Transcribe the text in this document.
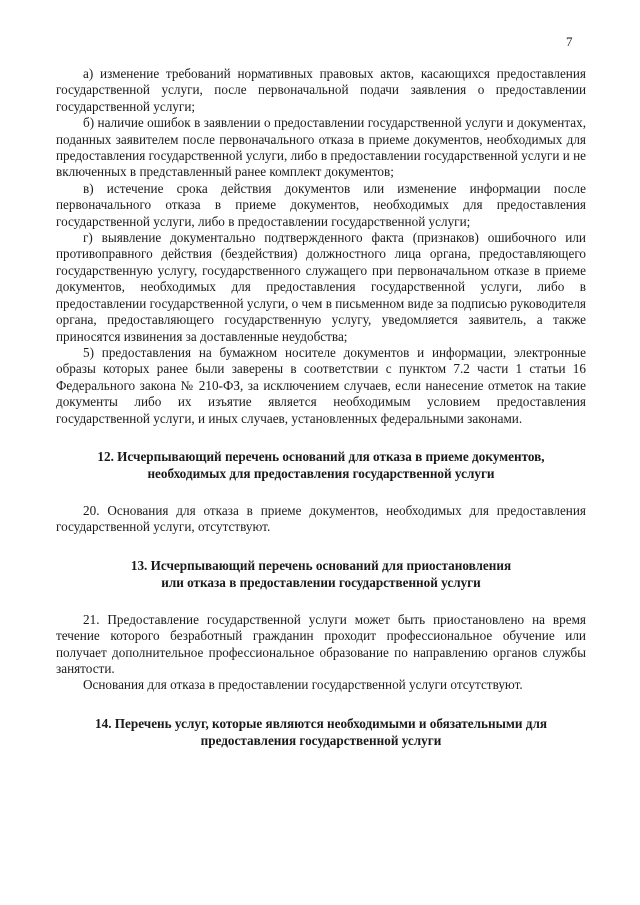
7

а) изменение требований нормативных правовых актов, касающихся предоставления государственной услуги, после первоначальной подачи заявления о предоставлении государственной услуги;

б) наличие ошибок в заявлении о предоставлении государственной услуги и документах, поданных заявителем после первоначального отказа в приеме документов, необходимых для предоставления государственной услуги, либо в предоставлении государственной услуги и не включенных в представленный ранее комплект документов;

в) истечение срока действия документов или изменение информации после первоначального отказа в приеме документов, необходимых для предоставления государственной услуги, либо в предоставлении государственной услуги;

г) выявление документально подтвержденного факта (признаков) ошибочного или противоправного действия (бездействия) должностного лица органа, предоставляющего государственную услугу, государственного служащего при первоначальном отказе в приеме документов, необходимых для предоставления государственной услуги, либо в предоставлении государственной услуги, о чем в письменном виде за подписью руководителя органа, предоставляющего государственную услугу, уведомляется заявитель, а также приносятся извинения за доставленные неудобства;

5) предоставления на бумажном носителе документов и информации, электронные образы которых ранее были заверены в соответствии с пунктом 7.2 части 1 статьи 16 Федерального закона № 210-ФЗ, за исключением случаев, если нанесение отметок на такие документы либо их изъятие является необходимым условием предоставления государственной услуги, и иных случаев, установленных федеральными законами.

12. Исчерпывающий перечень оснований для отказа в приеме документов,
необходимых для предоставления государственной услуги

20. Основания для отказа в приеме документов, необходимых для предоставления государственной услуги, отсутствуют.

13. Исчерпывающий перечень оснований для приостановления
или отказа в предоставлении государственной услуги

21. Предоставление государственной услуги может быть приостановлено на время течение которого безработный гражданин проходит профессиональное обучение или получает дополнительное профессиональное образование по направлению органов службы занятости.

Основания для отказа в предоставлении государственной услуги отсутствуют.

14. Перечень услуг, которые являются необходимыми и обязательными для
предоставления государственной услуги
